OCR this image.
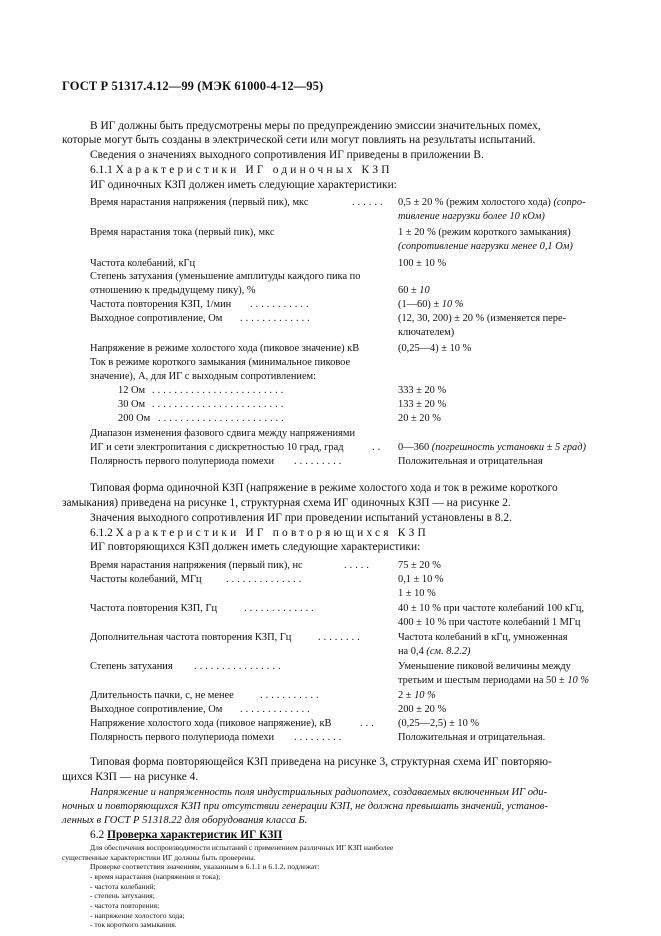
ГОСТ Р 51317.4.12—99 (МЭК 61000-4-12—95)
В ИГ должны быть предусмотрены меры по предупреждению эмиссии значительных помех,
которые могут быть созданы в электрической сети или могут повлиять на результаты испытаний.
Сведения о значениях выходного сопротивления ИГ приведены в приложении В.
6.1.1 Характеристики ИГ одиночных КЗП
ИГ одиночных КЗП должен иметь следующие характеристики:
Время нарастания напряжения (первый пик), мкс	...... 0,5 ± 20 % (режим холостого хода) (сопро-
тивление нагрузки более 10 кОм)
Время нарастания тока (первый пик), мкс	1 ± 20 % (режим короткого замыкания)
(сопротивление нагрузки менее 0,1 Ом)
Частота колебаний, кГц	100 ± 10 %
Степень затухания (уменьшение амплитуды каждого пика по
отношению к предыдущему пику), %	60 ± 10
Частота повторения КЗП, 1/мин ...........	(1—60) ± 10 %
Выходное сопротивление, Ом .............	(12, 30, 200) ± 20 % (изменяется пере-
ключателем)
Напряжение в режиме холостого хода (пиковое значение) кВ	(0,25—4) ± 10 %
Ток в режиме короткого замыкания (минимальное пиковое
значение), А, для ИГ с выходным сопротивлением:
12 Ом ........................	333 ± 20 %
30 Ом ........................	133 ± 20 %
200 Ом .......................	20 ± 20 %
Диапазон изменения фазового сдвига между напряжениями
ИГ и сети электропитания с дискретностью 10 град, град	.. 0—360 (погрешность установки ± 5 град)
Полярность первого полупериода помехи .........	Положительная и отрицательная
Типовая форма одиночной КЗП (напряжение в режиме холостого хода и ток в режиме короткого
замыкания) приведена на рисунке 1, структурная схема ИГ одиночных КЗП — на рисунке 2.
Значения выходного сопротивления ИГ при проведении испытаний установлены в 8.2.
6.1.2 Характеристики ИГ повторяющихся КЗП
ИГ повторяющихся КЗП должен иметь следующие характеристики:
Время нарастания напряжения (первый пик), нс	.....	75 ± 20 %
Частоты колебаний, МГц ..............	0,1 ± 10 %
1 ± 10 %
Частота повторения КЗП, Гц	.............	40 ± 10 % при частоте колебаний 100 кГц,
400 ± 10 % при частоте колебаний 1 МГц
Дополнительная частота повторения КЗП, Гц	........	Частота колебаний в кГц, умноженная
на 0,4 (см. 8.2.2)
Степень затухания ................	Уменьшение пиковой величины между
третьим и шестым периодами на 50 ± 10 %
Длительность пачки, с, не менее	...........	2 ± 10 %
Выходное сопротивление, Ом .............	200 ± 20 %
Напряжение холостого хода (пиковое напряжение), кВ	... (0,25—2,5) ± 10 %
Полярность первого полупериода помехи .........	Положительная и отрицательная.
Типовая форма повторяющейся КЗП приведена на рисунке 3, структурная схема ИГ повторяю-
щихся КЗП — на рисунке 4.
Напряжение и напряженность поля индустриальных радиопомех, создаваемых включенным ИГ оди-
ночных и повторяющихся КЗП при отсутствии генерации КЗП, не должна превышать значений, установ-
ленных в ГОСТ Р 51318.22 для оборудования класса Б.
6.2 Проверка характеристик ИГ КЗП
Для обеспечения воспроизводимости испытаний с применением различных ИГ КЗП наиболее
существенные характеристики ИГ должны быть проверены.
Проверке соответствия значениям, указанным в 6.1.1 и 6.1.2, подлежат:
- время нарастания (напряжения и тока);
- частота колебаний;
- степень затухания;
- частота повторения;
- напряжение холостого хода;
- ток короткого замыкания.
